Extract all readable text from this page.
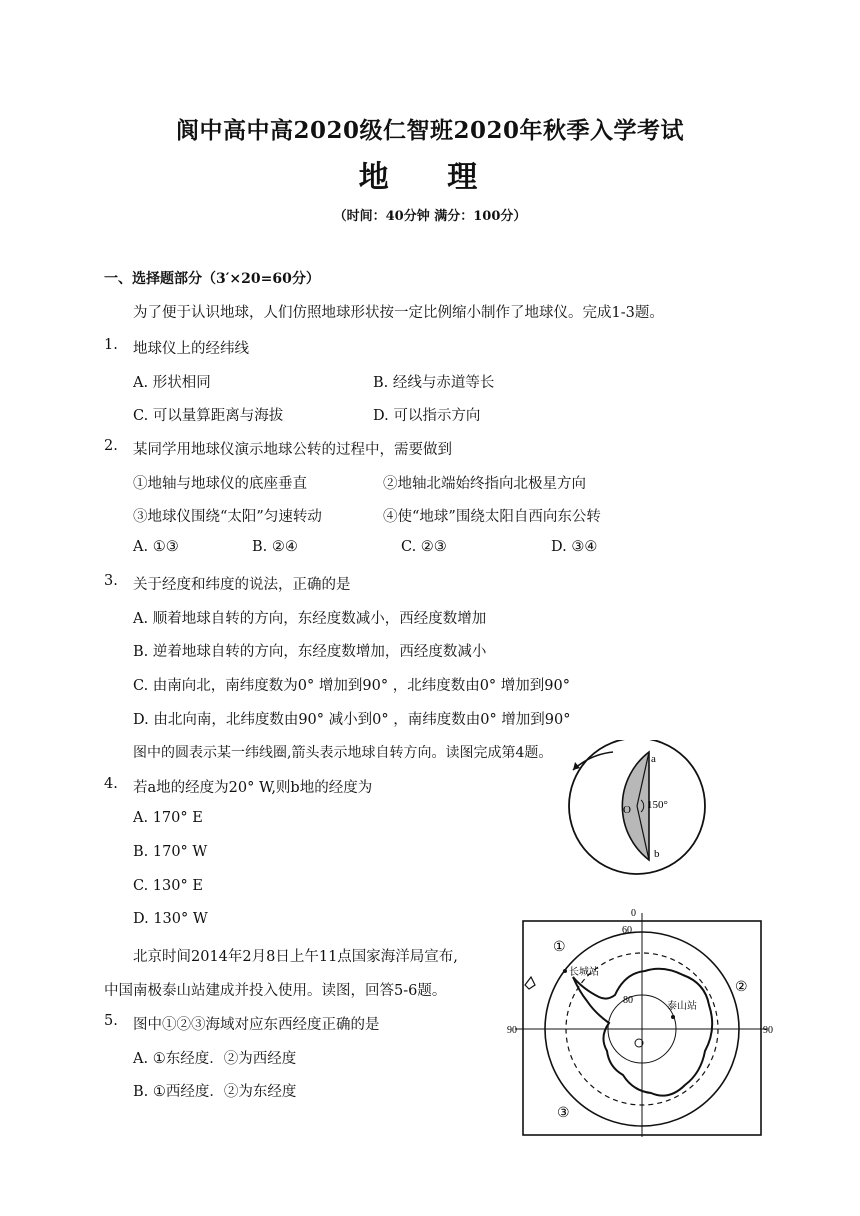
阆中高中高2020级仁智班2020年秋季入学考试
地 理
（时间：40分钟 满分：100分）
一、选择题部分（3′×20=60分）
为了便于认识地球，人们仿照地球形状按一定比例缩小制作了地球仪。完成1-3题。
1. 地球仪上的经纬线
A. 形状相同	B. 经线与赤道等长
C. 可以量算距离与海拔	D. 可以指示方向
2. 某同学用地球仪演示地球公转的过程中，需要做到
①地轴与地球仪的底座垂直	②地轴北端始终指向北极星方向
③地球仪围绕“太阳”匀速转动	④使“地球”围绕太阳自西向东公转
A. ①③	B. ②④	C. ②③	D. ③④
3. 关于经度和纬度的说法，正确的是
A. 顺着地球自转的方向，东经度数减小，西经度数增加
B. 逆着地球自转的方向，东经度数增加，西经度数减小
C. 由南向北，南纬度数为0° 增加到90° ，北纬度数由0° 增加到90°
D. 由北向南，北纬度数由90° 减小到0° ，南纬度数由0° 增加到90°
图中的圆表示某一纬线圈,箭头表示地球自转方向。读图完成第4题。
4. 若a地的经度为20° W,则b地的经度为
A. 170° E
B. 170° W
C. 130° E
D. 130° W
北京时间2014年2月8日上午11点国家海洋局宣布,
中国南极泰山站建成并投入使用。读图，回答5-6题。
5. 图中①②③海域对应东西经度正确的是
A. ①东经度．②为西经度
B. ①西经度．②为东经度
a
b
O 150°
0
60
80
90	90
①
②
③
长城站
泰山站
